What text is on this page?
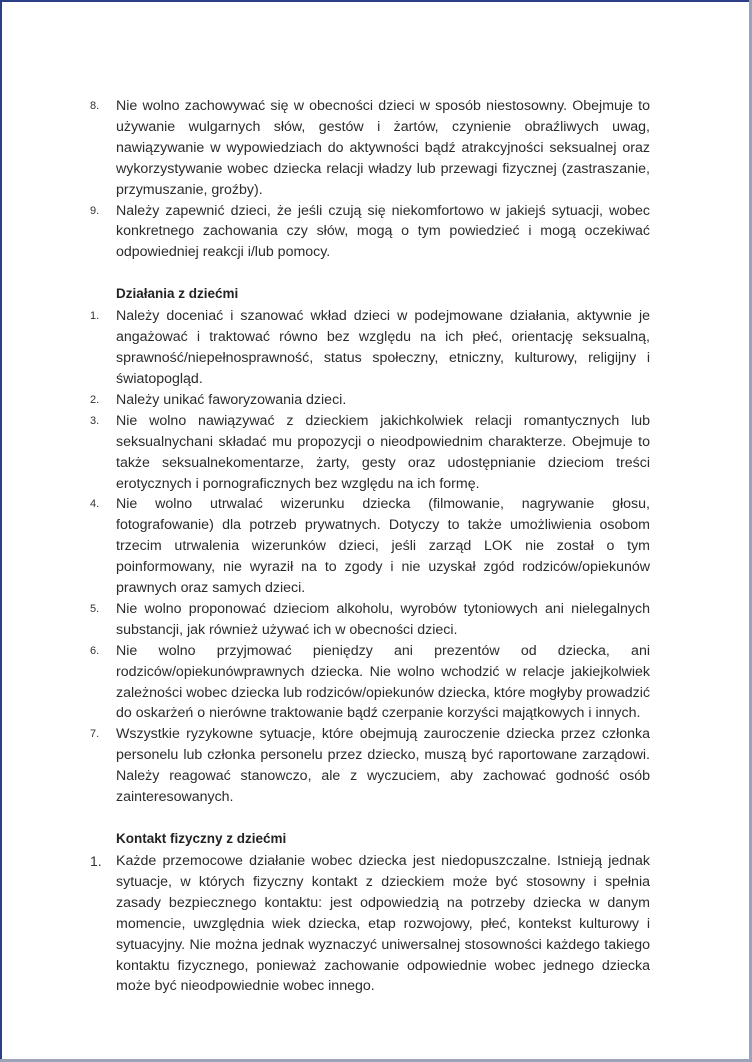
8.	Nie wolno zachowywać się w obecności dzieci w sposób niestosowny. Obejmuje to używanie wulgarnych słów, gestów i żartów, czynienie obraźliwych uwag, nawiązywanie w wypowiedziach do aktywności bądź atrakcyjności seksualnej oraz wykorzystywanie wobec dziecka relacji władzy lub przewagi fizycznej (zastraszanie, przymuszanie, groźby).
9.	Należy zapewnić dzieci, że jeśli czują się niekomfortowo w jakiejś sytuacji, wobec konkretnego zachowania czy słów, mogą o tym powiedzieć i mogą oczekiwać odpowiedniej reakcji i/lub pomocy.
Działania z dziećmi
1.	Należy doceniać i szanować wkład dzieci w podejmowane działania, aktywnie je angażować i traktować równo bez względu na ich płeć, orientację seksualną, sprawność/niepełnosprawność, status społeczny, etniczny, kulturowy, religijny i światopogląd.
2.	Należy unikać faworyzowania dzieci.
3.	Nie wolno nawiązywać z dzieckiem jakichkolwiek relacji romantycznych lub seksualnychani składać mu propozycji o nieodpowiednim charakterze. Obejmuje to także seksualnekomentarze, żarty, gesty oraz udostępnianie dzieciom treści erotycznych i pornograficznych bez względu na ich formę.
4.	Nie wolno utrwalać wizerunku dziecka (filmowanie, nagrywanie głosu, fotografowanie) dla potrzeb prywatnych. Dotyczy to także umożliwienia osobom trzecim utrwalenia wizerunków dzieci, jeśli zarząd LOK nie został o tym poinformowany, nie wyraził na to zgody i nie uzyskał zgód rodziców/opiekunów prawnych oraz samych dzieci.
5.	Nie wolno proponować dzieciom alkoholu, wyrobów tytoniowych ani nielegalnych substancji, jak również używać ich w obecności dzieci.
6.	Nie wolno przyjmować pieniędzy ani prezentów od dziecka, ani rodziców/opiekunówprawnych dziecka. Nie wolno wchodzić w relacje jakiejkolwiek zależności wobec dziecka lub rodziców/opiekunów dziecka, które mogłyby prowadzić do oskarżeń o nierówne traktowanie bądź czerpanie korzyści majątkowych i innych.
7.	Wszystkie ryzykowne sytuacje, które obejmują zauroczenie dziecka przez członka personelu lub członka personelu przez dziecko, muszą być raportowane zarządowi. Należy reagować stanowczo, ale z wyczuciem, aby zachować godność osób zainteresowanych.
Kontakt fizyczny z dziećmi
1.	Każde przemocowe działanie wobec dziecka jest niedopuszczalne. Istnieją jednak sytuacje, w których fizyczny kontakt z dzieckiem może być stosowny i spełnia zasady bezpiecznego kontaktu: jest odpowiedzią na potrzeby dziecka w danym momencie, uwzględnia wiek dziecka, etap rozwojowy, płeć, kontekst kulturowy i sytuacyjny. Nie można jednak wyznaczyć uniwersalnej stosowności każdego takiego kontaktu fizycznego, ponieważ zachowanie odpowiednie wobec jednego dziecka może być nieodpowiednie wobec innego.
